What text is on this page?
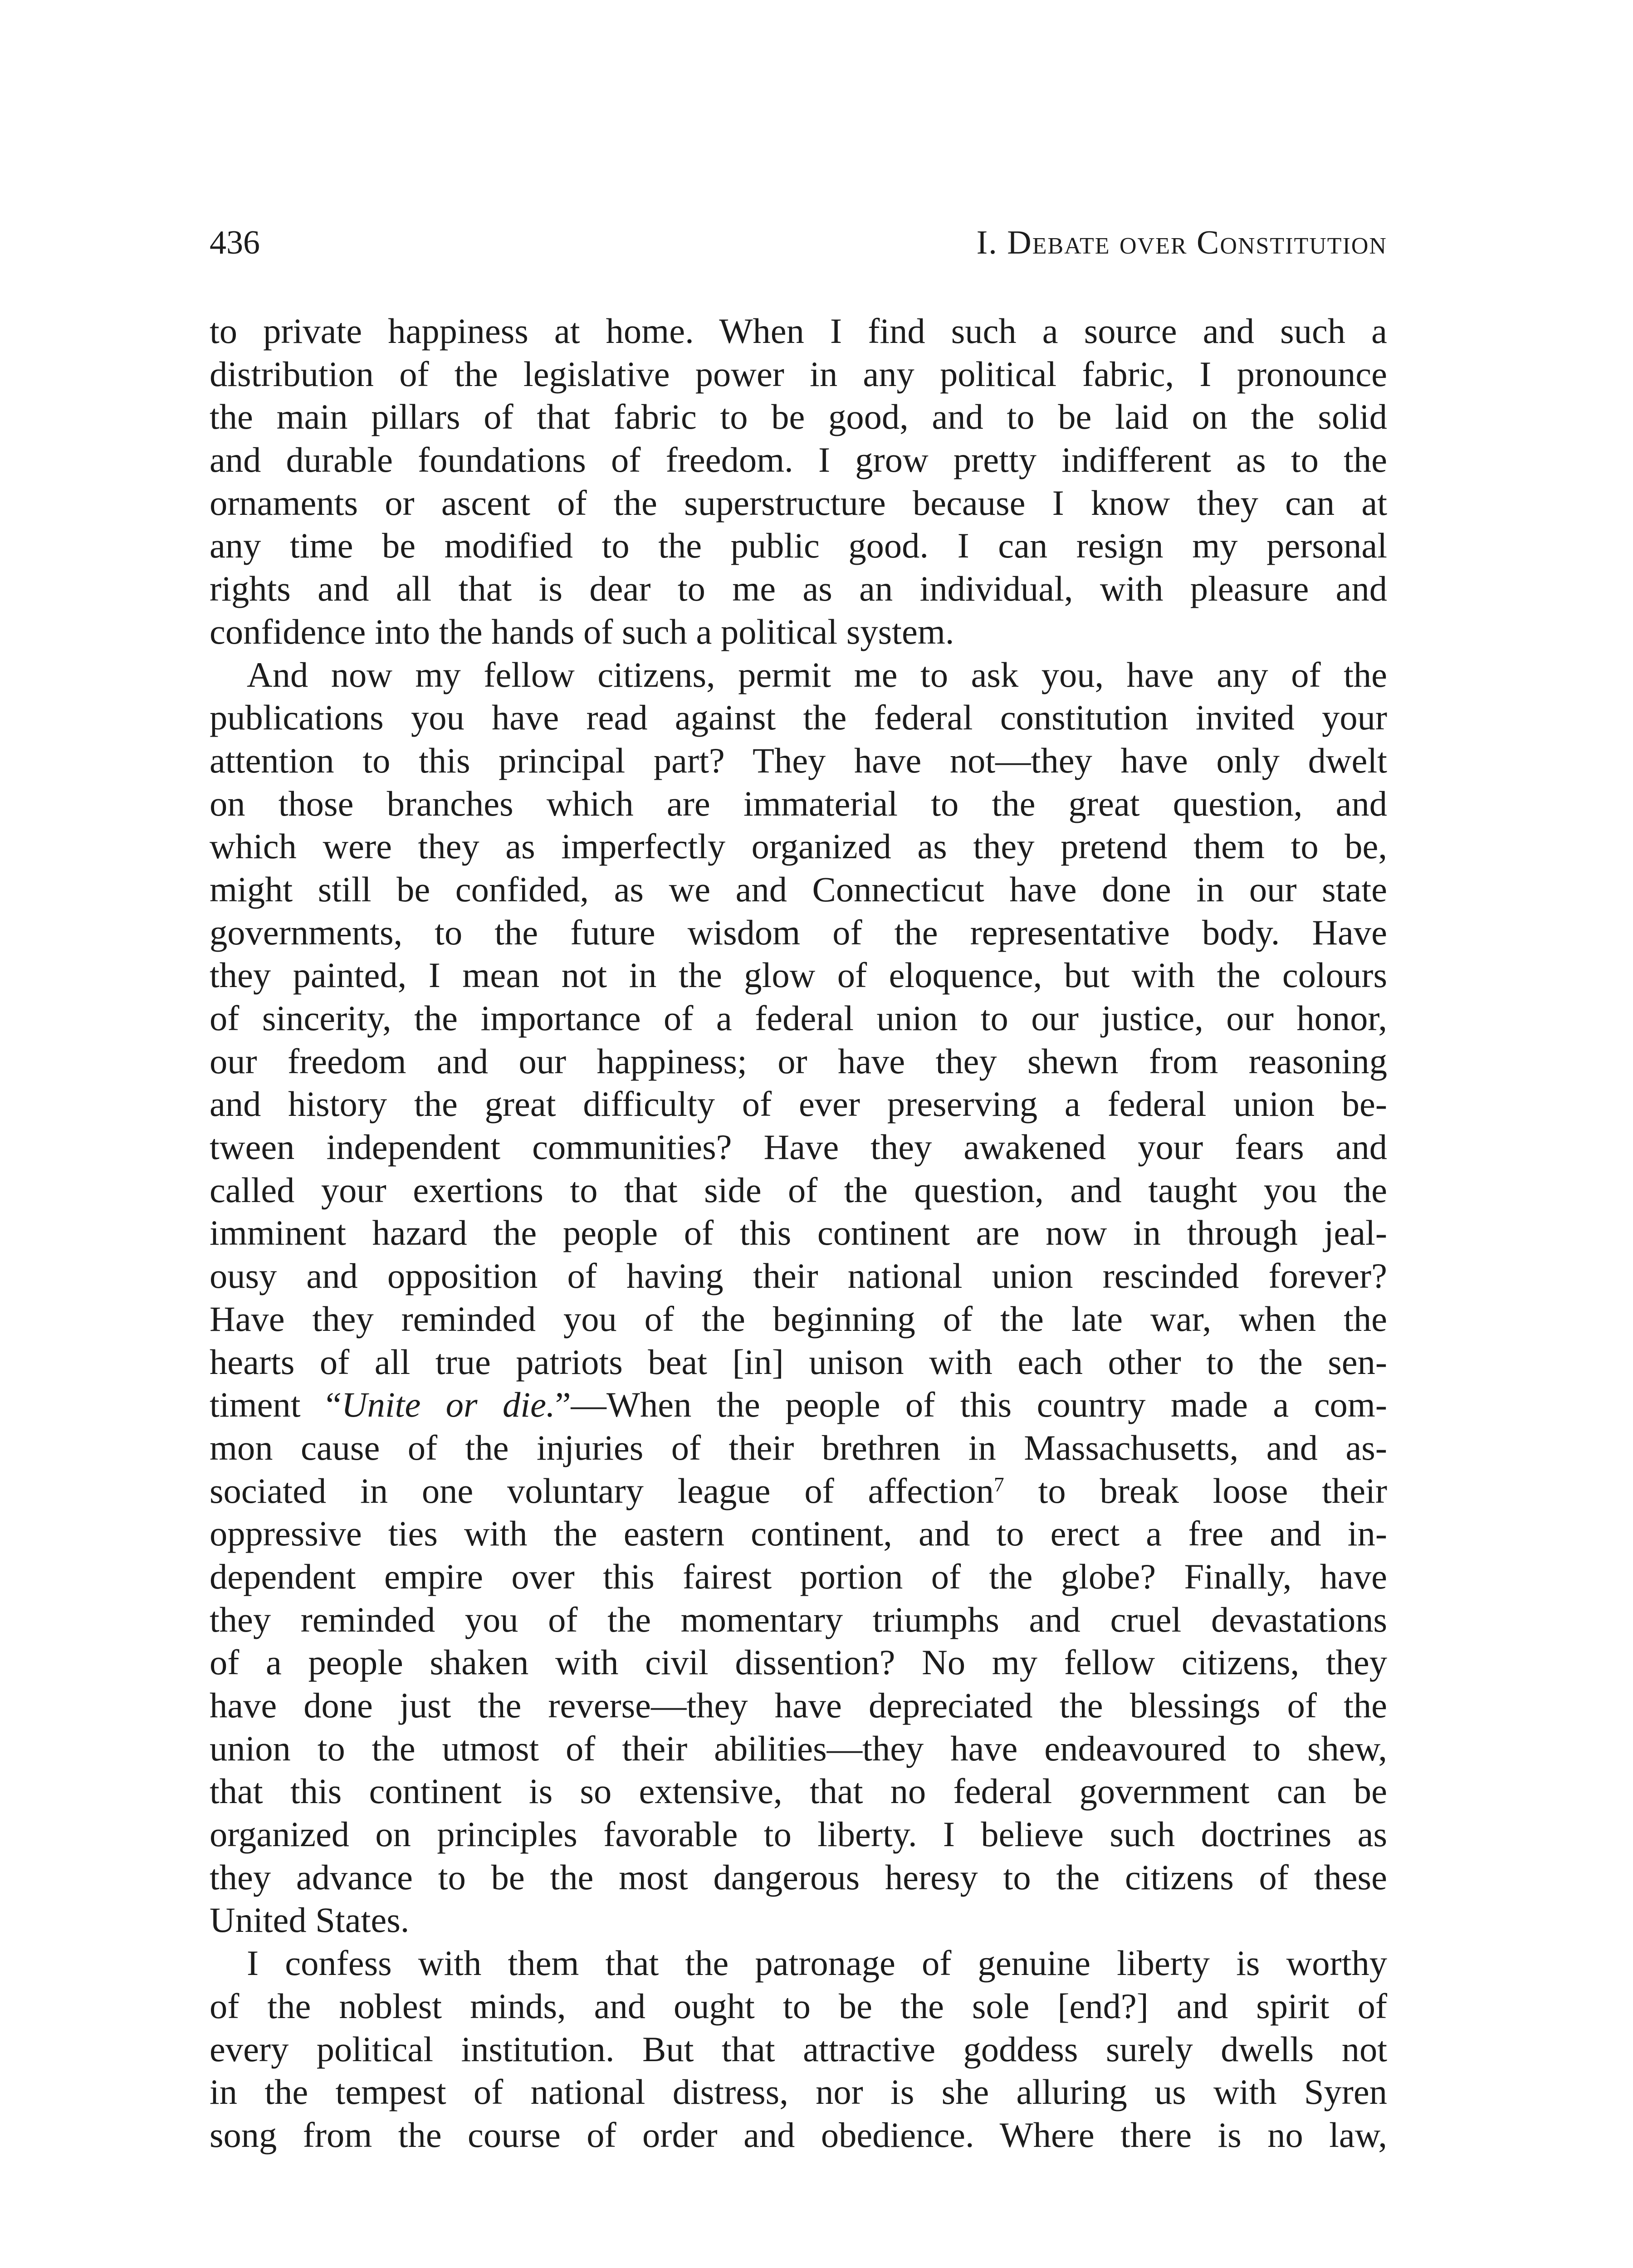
436	I. Debate over Constitution
to private happiness at home. When I find such a source and such a
distribution of the legislative power in any political fabric, I pronounce
the main pillars of that fabric to be good, and to be laid on the solid
and durable foundations of freedom. I grow pretty indifferent as to the
ornaments or ascent of the superstructure because I know they can at
any time be modified to the public good. I can resign my personal
rights and all that is dear to me as an individual, with pleasure and
confidence into the hands of such a political system.
And now my fellow citizens, permit me to ask you, have any of the
publications you have read against the federal constitution invited your
attention to this principal part? They have not—they have only dwelt
on those branches which are immaterial to the great question, and
which were they as imperfectly organized as they pretend them to be,
might still be confided, as we and Connecticut have done in our state
governments, to the future wisdom of the representative body. Have
they painted, I mean not in the glow of eloquence, but with the colours
of sincerity, the importance of a federal union to our justice, our honor,
our freedom and our happiness; or have they shewn from reasoning
and history the great difficulty of ever preserving a federal union be-
tween independent communities? Have they awakened your fears and
called your exertions to that side of the question, and taught you the
imminent hazard the people of this continent are now in through jeal-
ousy and opposition of having their national union rescinded forever?
Have they reminded you of the beginning of the late war, when the
hearts of all true patriots beat [in] unison with each other to the sen-
timent “Unite or die.”—When the people of this country made a com-
mon cause of the injuries of their brethren in Massachusetts, and as-
sociated in one voluntary league of affection$^7$ to break loose their
oppressive ties with the eastern continent, and to erect a free and in-
dependent empire over this fairest portion of the globe? Finally, have
they reminded you of the momentary triumphs and cruel devastations
of a people shaken with civil dissention? No my fellow citizens, they
have done just the reverse—they have depreciated the blessings of the
union to the utmost of their abilities—they have endeavoured to shew,
that this continent is so extensive, that no federal government can be
organized on principles favorable to liberty. I believe such doctrines as
they advance to be the most dangerous heresy to the citizens of these
United States.
I confess with them that the patronage of genuine liberty is worthy
of the noblest minds, and ought to be the sole [end?] and spirit of
every political institution. But that attractive goddess surely dwells not
in the tempest of national distress, nor is she alluring us with Syren
song from the course of order and obedience. Where there is no law,
